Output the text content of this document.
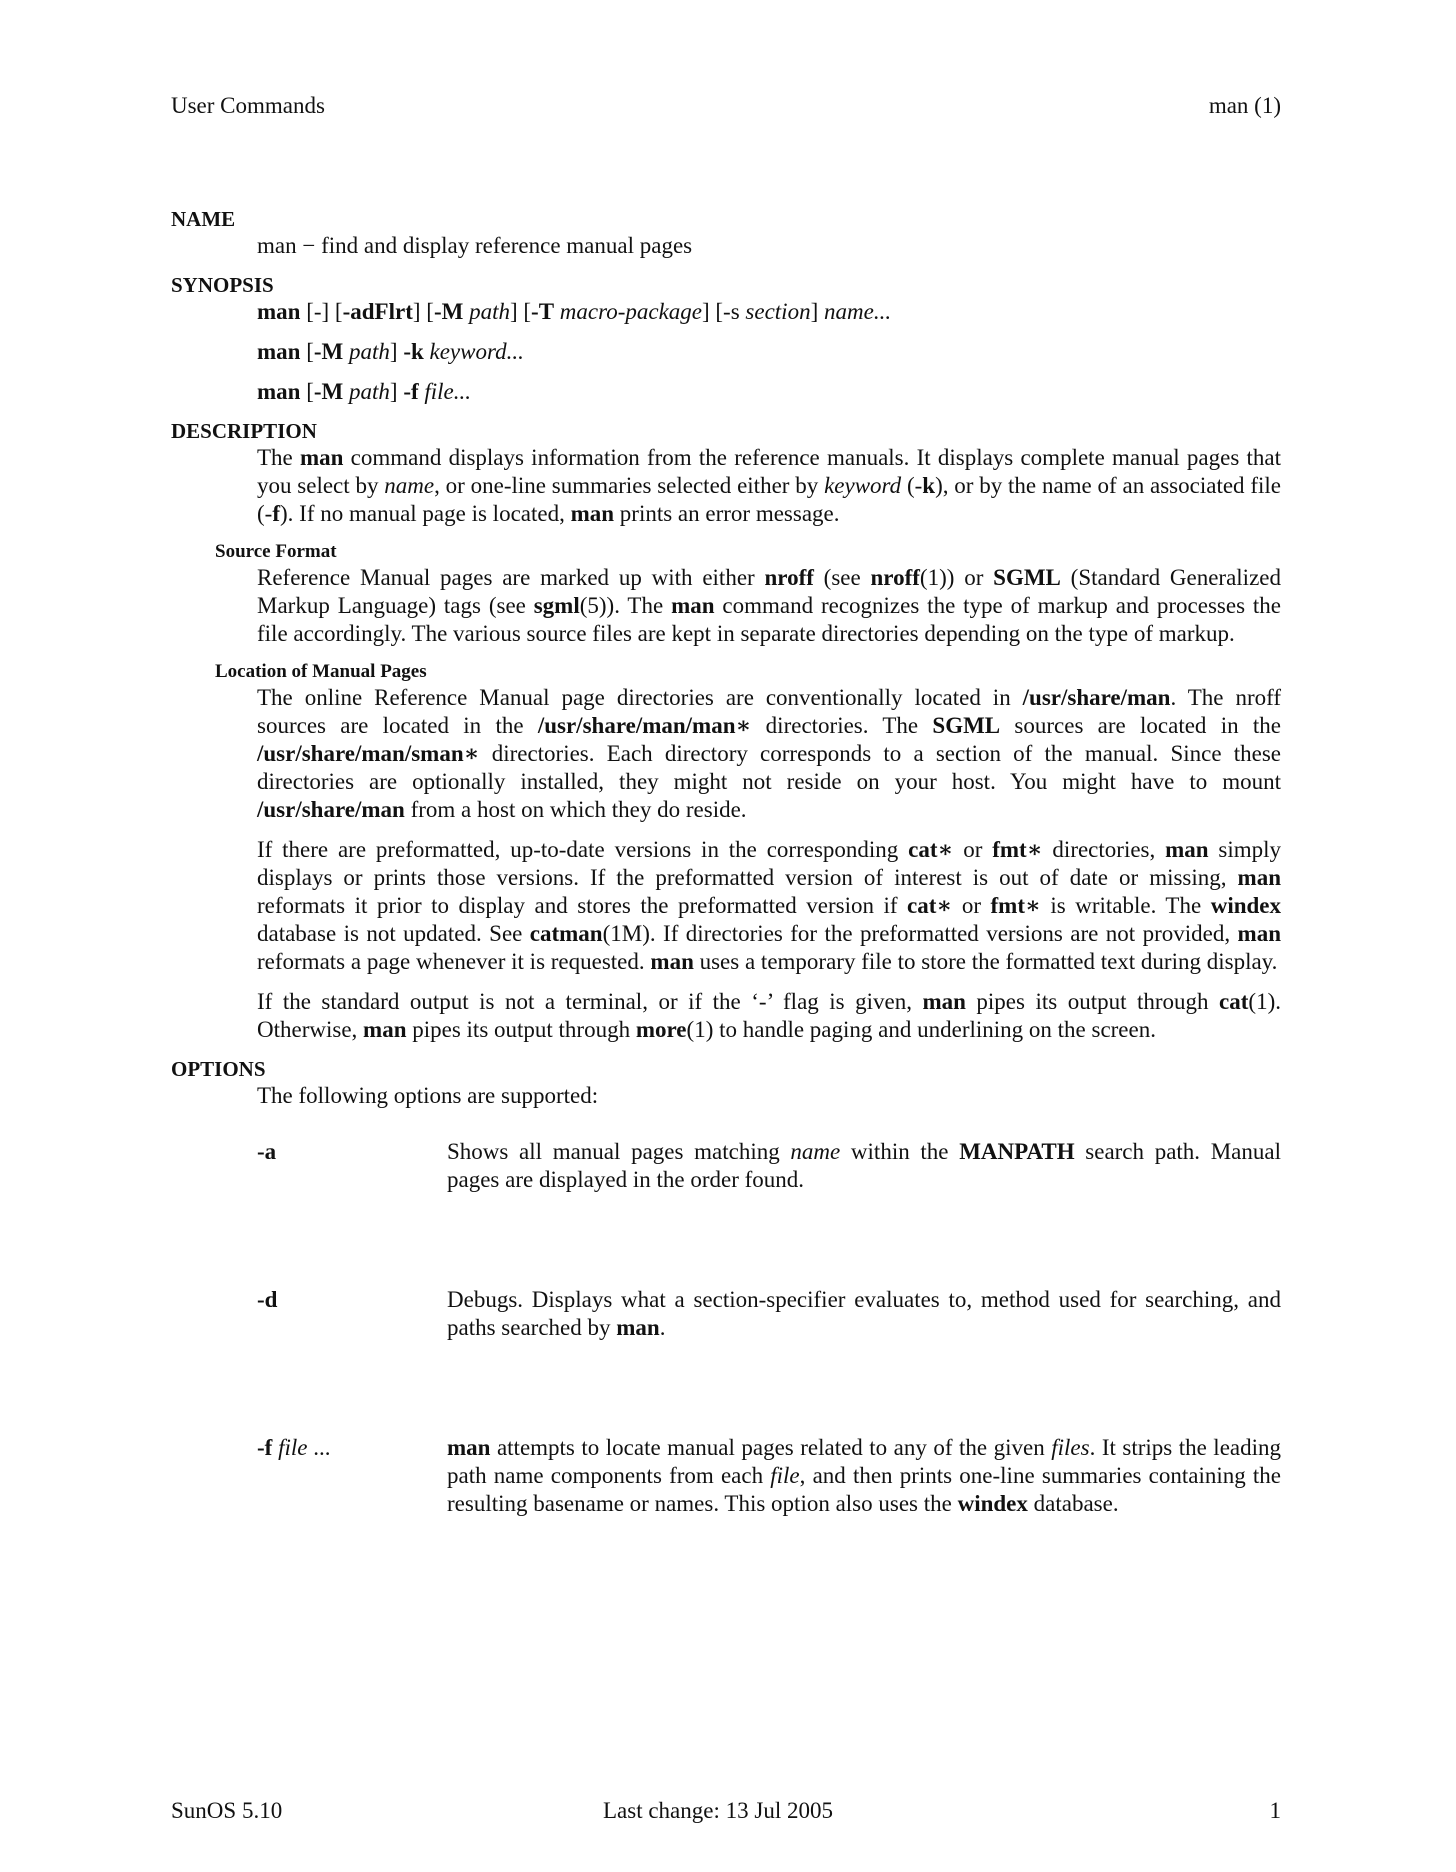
User Commands	man (1)
NAME

man − find and display reference manual pages

SYNOPSIS

man [-] [-adFlrt] [-M path] [-T macro-package] [-s section] name...

man [-M path] -k keyword...

man [-M path] -f file...

DESCRIPTION

The man command displays information from the reference manuals. It displays complete manual pages that you select by name, or one-line summaries selected either by keyword (-k), or by the name of an associated file (-f). If no manual page is located, man prints an error message.

Source Format

Reference Manual pages are marked up with either nroff (see nroff(1)) or SGML (Standard Generalized Markup Language) tags (see sgml(5)). The man command recognizes the type of markup and processes the file accordingly. The various source files are kept in separate directories depending on the type of markup.

Location of Manual Pages

The online Reference Manual page directories are conventionally located in /usr/share/man. The nroff sources are located in the /usr/share/man/man∗ directories. The SGML sources are located in the /usr/share/man/sman∗ directories. Each directory corresponds to a section of the manual. Since these directories are optionally installed, they might not reside on your host. You might have to mount /usr/share/man from a host on which they do reside.

If there are preformatted, up-to-date versions in the corresponding cat∗ or fmt∗ directories, man simply displays or prints those versions. If the preformatted version of interest is out of date or missing, man reformats it prior to display and stores the preformatted version if cat∗ or fmt∗ is writable. The windex database is not updated. See catman(1M). If directories for the preformatted versions are not provided, man reformats a page whenever it is requested. man uses a temporary file to store the formatted text during display.

If the standard output is not a terminal, or if the ‘-’ flag is given, man pipes its output through cat(1). Otherwise, man pipes its output through more(1) to handle paging and underlining on the screen.

OPTIONS

The following options are supported:

-a	Shows all manual pages matching name within the MANPATH search path. Manual pages are displayed in the order found.
-d	Debugs. Displays what a section-specifier evaluates to, method used for searching, and paths searched by man.
-f file ...	man attempts to locate manual pages related to any of the given files. It strips the leading path name components from each file, and then prints one-line summaries containing the resulting basename or names. This option also uses the windex database.
SunOS 5.10	Last change: 13 Jul 2005	1
